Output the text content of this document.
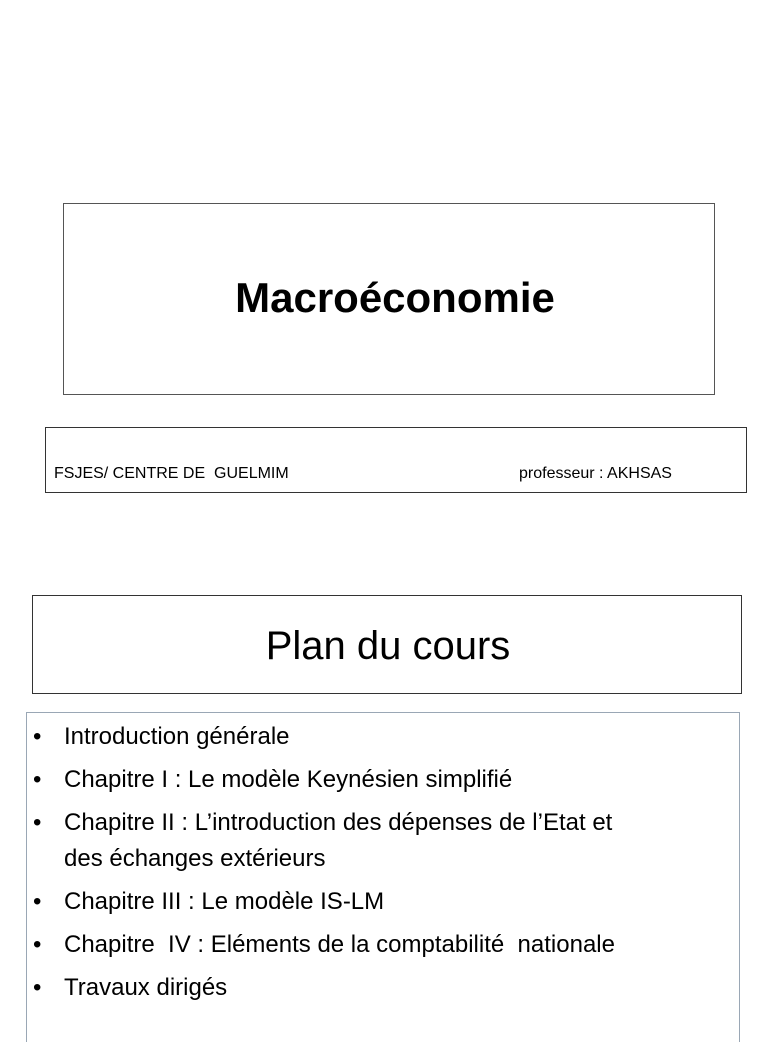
Macroéconomie
FSJES/ CENTRE DE  GUELMIM	professeur : AKHSAS
Plan du cours
• Introduction générale
• Chapitre I : Le modèle Keynésien simplifié
• Chapitre II : L’introduction des dépenses de l’Etat et
des échanges extérieurs
• Chapitre III : Le modèle IS-LM
• Chapitre  IV : Eléments de la comptabilité  nationale
• Travaux dirigés
